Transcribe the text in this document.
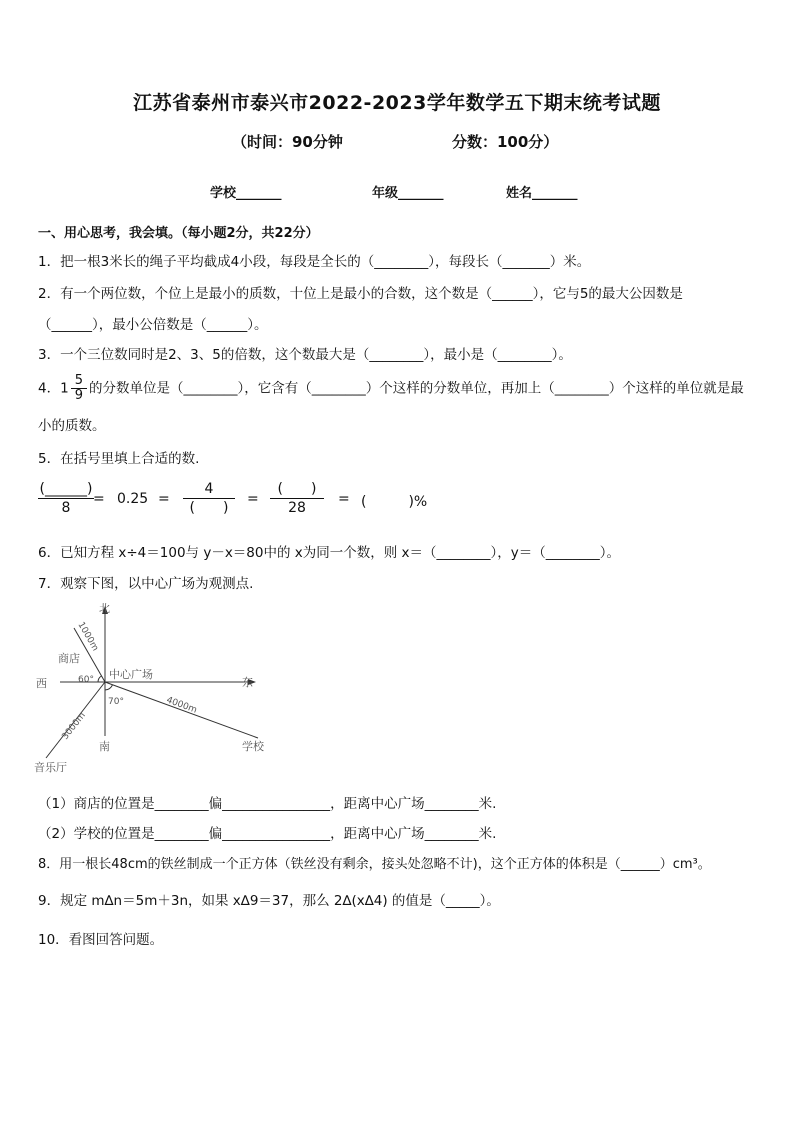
江苏省泰州市泰兴市2022-2023学年数学五下期末统考试题
（时间：90分钟	分数：100分）
学校_______	年级_______	姓名_______
一、用心思考，我会填。（每小题2分，共22分）
1．把一根3米长的绳子平均截成4小段，每段是全长的（________），每段长（_______）米。
2．有一个两位数，个位上是最小的质数，十位上是最小的合数，这个数是（______），它与5的最大公因数是
（______），最小公倍数是（______）。
3．一个三位数同时是2、3、5的倍数，这个数最大是（________），最小是（________）。
4．$1 \frac{5}{9}$ 的分数单位是（________），它含有（________）个这样的分数单位，再加上（________）个这样的单位就是最
小的质数。
5．在括号里填上合适的数.
(______)
8
= 0.25 =
4
(　　)
=
(　　)
28
= (　　　)%
6．已知方程 x÷4＝100与 y－x＝80中的 x为同一个数，则 x＝（________），y＝（________）。
7．观察下图，以中心广场为观测点.
北
南
东
西
中心广场
商店
学校
音乐厅
60°
70°
1000m
4000m
3000m
（1）商店的位置是________偏________________，距离中心广场________米.
（2）学校的位置是________偏________________，距离中心广场________米.
8．用一根长48cm的铁丝制成一个正方体（铁丝没有剩余，接头处忽略不计)，这个正方体的体积是（______）cm³。
9．规定 m∆n＝5m＋3n，如果 x∆9＝37，那么 2∆(x∆4) 的值是（_____）。
10．看图回答问题。
